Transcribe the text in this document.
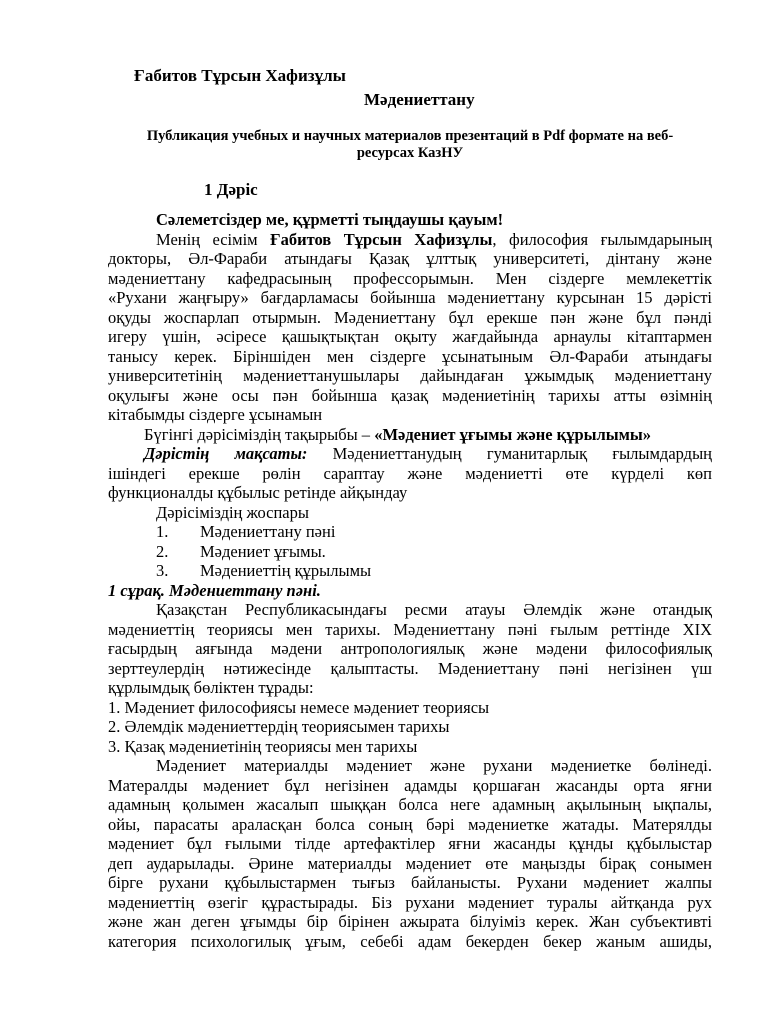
Ғабитов Тұрсын Хафизұлы
Мәдениеттану
Публикация учебных и научных материалов презентаций в Pdf формате на веб-
ресурсах КазНУ
1 Дәріс
Сәлеметсіздер ме, құрметті тыңдаушы қауым!
Менің есімім Ғабитов Тұрсын Хафизұлы, философия ғылымдарының
докторы, Әл-Фараби атындағы Қазақ ұлттық университеті, дінтану және
мәдениеттану кафедрасының профессорымын. Мен сіздерге мемлекеттік
«Рухани жаңғыру» бағдарламасы бойынша мәдениеттану курсынан 15 дәрісті
оқуды жоспарлап отырмын. Мәдениеттану бұл ерекше пән және бұл пәнді
игеру үшін, әсіресе қашықтықтан оқыту жағдайында арнаулы кітаптармен
танысу керек. Біріншіден мен сіздерге ұсынатыным Әл-Фараби атындағы
университетінің мәдениеттанушылары дайындаған ұжымдық мәдениеттану
оқулығы және осы пән бойынша қазақ мәдениетінің тарихы атты өзімнің
кітабымды сіздерге ұсынамын
Бүгінгі дәрісіміздің тақырыбы – «Мәдениет ұғымы және құрылымы»
Дәрістің мақсаты: Мәдениеттанудың гуманитарлық ғылымдардың
ішіндегі ерекше рөлін сараптау және мәдениетті өте күрделі көп
функционалды құбылыс ретінде айқындау
Дәрісіміздің жоспары
1. Мәдениеттану пәні
2. Мәдениет ұғымы.
3. Мәдениеттің құрылымы
1 сұрақ. Мәдениеттану пәні.
Қазақстан Республикасындағы ресми атауы Әлемдік және отандық
мәдениеттің теориясы мен тарихы. Мәдениеттану пәні ғылым реттінде XIX
ғасырдың аяғында мәдени антропологиялық және мәдени философиялық
зерттеулердің нәтижесінде қалыптасты. Мәдениеттану пәні негізінен үш
құрлымдық бөліктен тұрады:
1. Мәдениет философиясы немесе мәдениет теориясы
2. Әлемдік мәдениеттердің теориясымен тарихы
3. Қазақ мәдениетінің теориясы мен тарихы
Мәдениет материалды мәдениет және рухани мәдениетке бөлінеді.
Матералды мәдениет бұл негізінен адамды қоршаған жасанды орта яғни
адамның қолымен жасалып шыққан болса неге адамның ақылының ықпалы,
ойы, парасаты араласқан болса соның бәрі мәдениетке жатады. Матерялды
мәдениет бұл ғылыми тілде артефактілер яғни жасанды құнды құбылыстар
деп аударылады. Әрине материалды мәдениет өте маңызды бірақ сонымен
бірге рухани құбылыстармен тығыз байланысты. Рухани мәдениет жалпы
мәдениеттің өзегіг құрастырады. Біз рухани мәдениет туралы айтқанда рух
және жан деген ұғымды бір бірінен ажырата білуіміз керек. Жан субъективті
категория психологилық ұғым, себебі адам бекерден бекер жаным ашиды,
